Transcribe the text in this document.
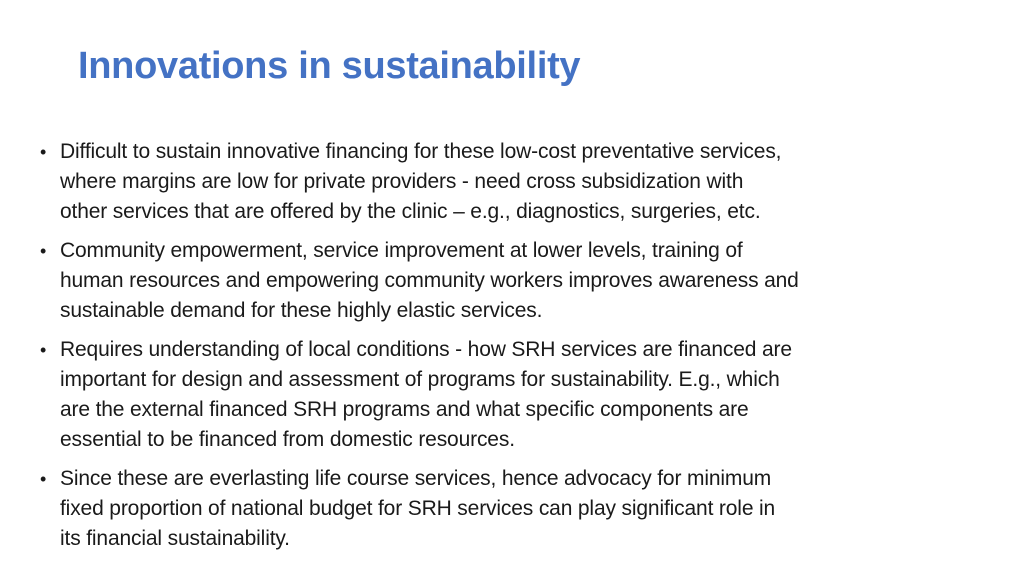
Innovations in sustainability
• Difficult to sustain innovative financing for these low-cost preventative services,
where margins are low for private providers - need cross subsidization with
other services that are offered by the clinic – e.g., diagnostics, surgeries, etc.
• Community empowerment, service improvement at lower levels, training of
human resources and empowering community workers improves awareness and
sustainable demand for these highly elastic services.
• Requires understanding of local conditions - how SRH services are financed are
important for design and assessment of programs for sustainability. E.g., which
are the external financed SRH programs and what specific components are
essential to be financed from domestic resources.
• Since these are everlasting life course services, hence advocacy for minimum
fixed proportion of national budget for SRH services can play significant role in
its financial sustainability.
